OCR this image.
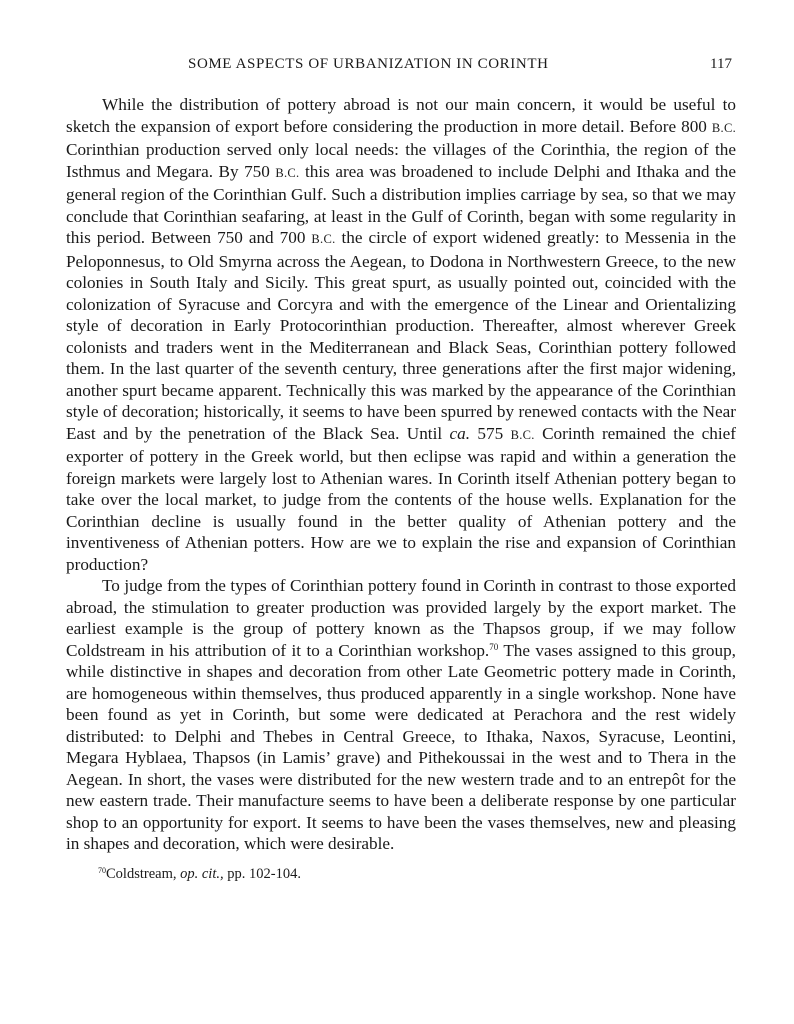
SOME ASPECTS OF URBANIZATION IN CORINTH	117

While the distribution of pottery abroad is not our main concern, it would be useful to sketch the expansion of export before considering the production in more detail. Before 800 B.C. Corinthian production served only local needs: the villages of the Corinthia, the region of the Isthmus and Megara. By 750 B.C. this area was broadened to include Delphi and Ithaka and the general region of the Corinthian Gulf. Such a distribution implies carriage by sea, so that we may conclude that Corinthian seafaring, at least in the Gulf of Corinth, began with some regularity in this period. Between 750 and 700 B.C. the circle of export widened greatly: to Messenia in the Peloponnesus, to Old Smyrna across the Aegean, to Dodona in Northwestern Greece, to the new colonies in South Italy and Sicily. This great spurt, as usually pointed out, coincided with the colonization of Syracuse and Corcyra and with the emergence of the Linear and Orientalizing style of decoration in Early Protocorinthian production. Thereafter, almost wherever Greek colonists and traders went in the Mediterranean and Black Seas, Corinthian pottery followed them. In the last quarter of the seventh century, three generations after the first major widening, another spurt became apparent. Technically this was marked by the appearance of the Corinthian style of decoration; historically, it seems to have been spurred by renewed contacts with the Near East and by the penetration of the Black Sea. Until ca. 575 B.C. Corinth remained the chief exporter of pottery in the Greek world, but then eclipse was rapid and within a generation the foreign markets were largely lost to Athenian wares. In Corinth itself Athenian pottery began to take over the local market, to judge from the contents of the house wells. Explanation for the Corinthian decline is usually found in the better quality of Athenian pottery and the inventiveness of Athenian potters. How are we to explain the rise and expansion of Corinthian production?

To judge from the types of Corinthian pottery found in Corinth in contrast to those exported abroad, the stimulation to greater production was provided largely by the export market. The earliest example is the group of pottery known as the Thapsos group, if we may follow Coldstream in his attribution of it to a Corinthian workshop.$^{70}$ The vases assigned to this group, while distinctive in shapes and decoration from other Late Geometric pottery made in Corinth, are homogeneous within themselves, thus produced apparently in a single workshop. None have been found as yet in Corinth, but some were dedicated at Perachora and the rest widely distributed: to Delphi and Thebes in Central Greece, to Ithaka, Naxos, Syracuse, Leontini, Megara Hyblaea, Thapsos (in Lamis’ grave) and Pithekoussai in the west and to Thera in the Aegean. In short, the vases were distributed for the new western trade and to an entrepôt for the new eastern trade. Their manufacture seems to have been a deliberate response by one particular shop to an opportunity for export. It seems to have been the vases themselves, new and pleasing in shapes and decoration, which were desirable.

$^{70}$Coldstream, op. cit., pp. 102-104.
